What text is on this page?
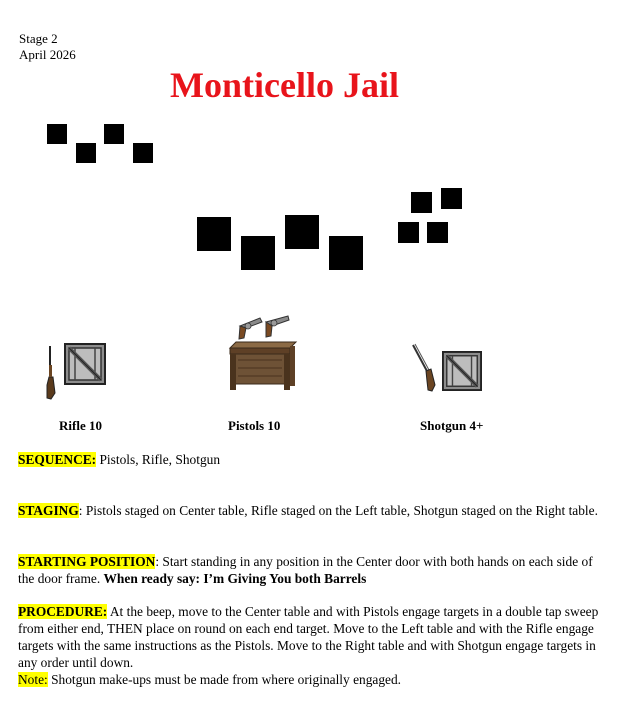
Stage 2
April 2026
Monticello Jail
Rifle 10	Pistols 10	Shotgun 4+
SEQUENCE: Pistols, Rifle, Shotgun
STAGING: Pistols staged on Center table, Rifle staged on the Left table, Shotgun staged on the Right table.
STARTING POSITION: Start standing in any position in the Center door with both hands on each side of the door frame. When ready say: I’m Giving You both Barrels
PROCEDURE: At the beep, move to the Center table and with Pistols engage targets in a double tap sweep from either end, THEN place on round on each end target. Move to the Left table and with the Rifle engage targets with the same instructions as the Pistols. Move to the Right table and with Shotgun engage targets in any order until down.
Note: Shotgun make-ups must be made from where originally engaged.
